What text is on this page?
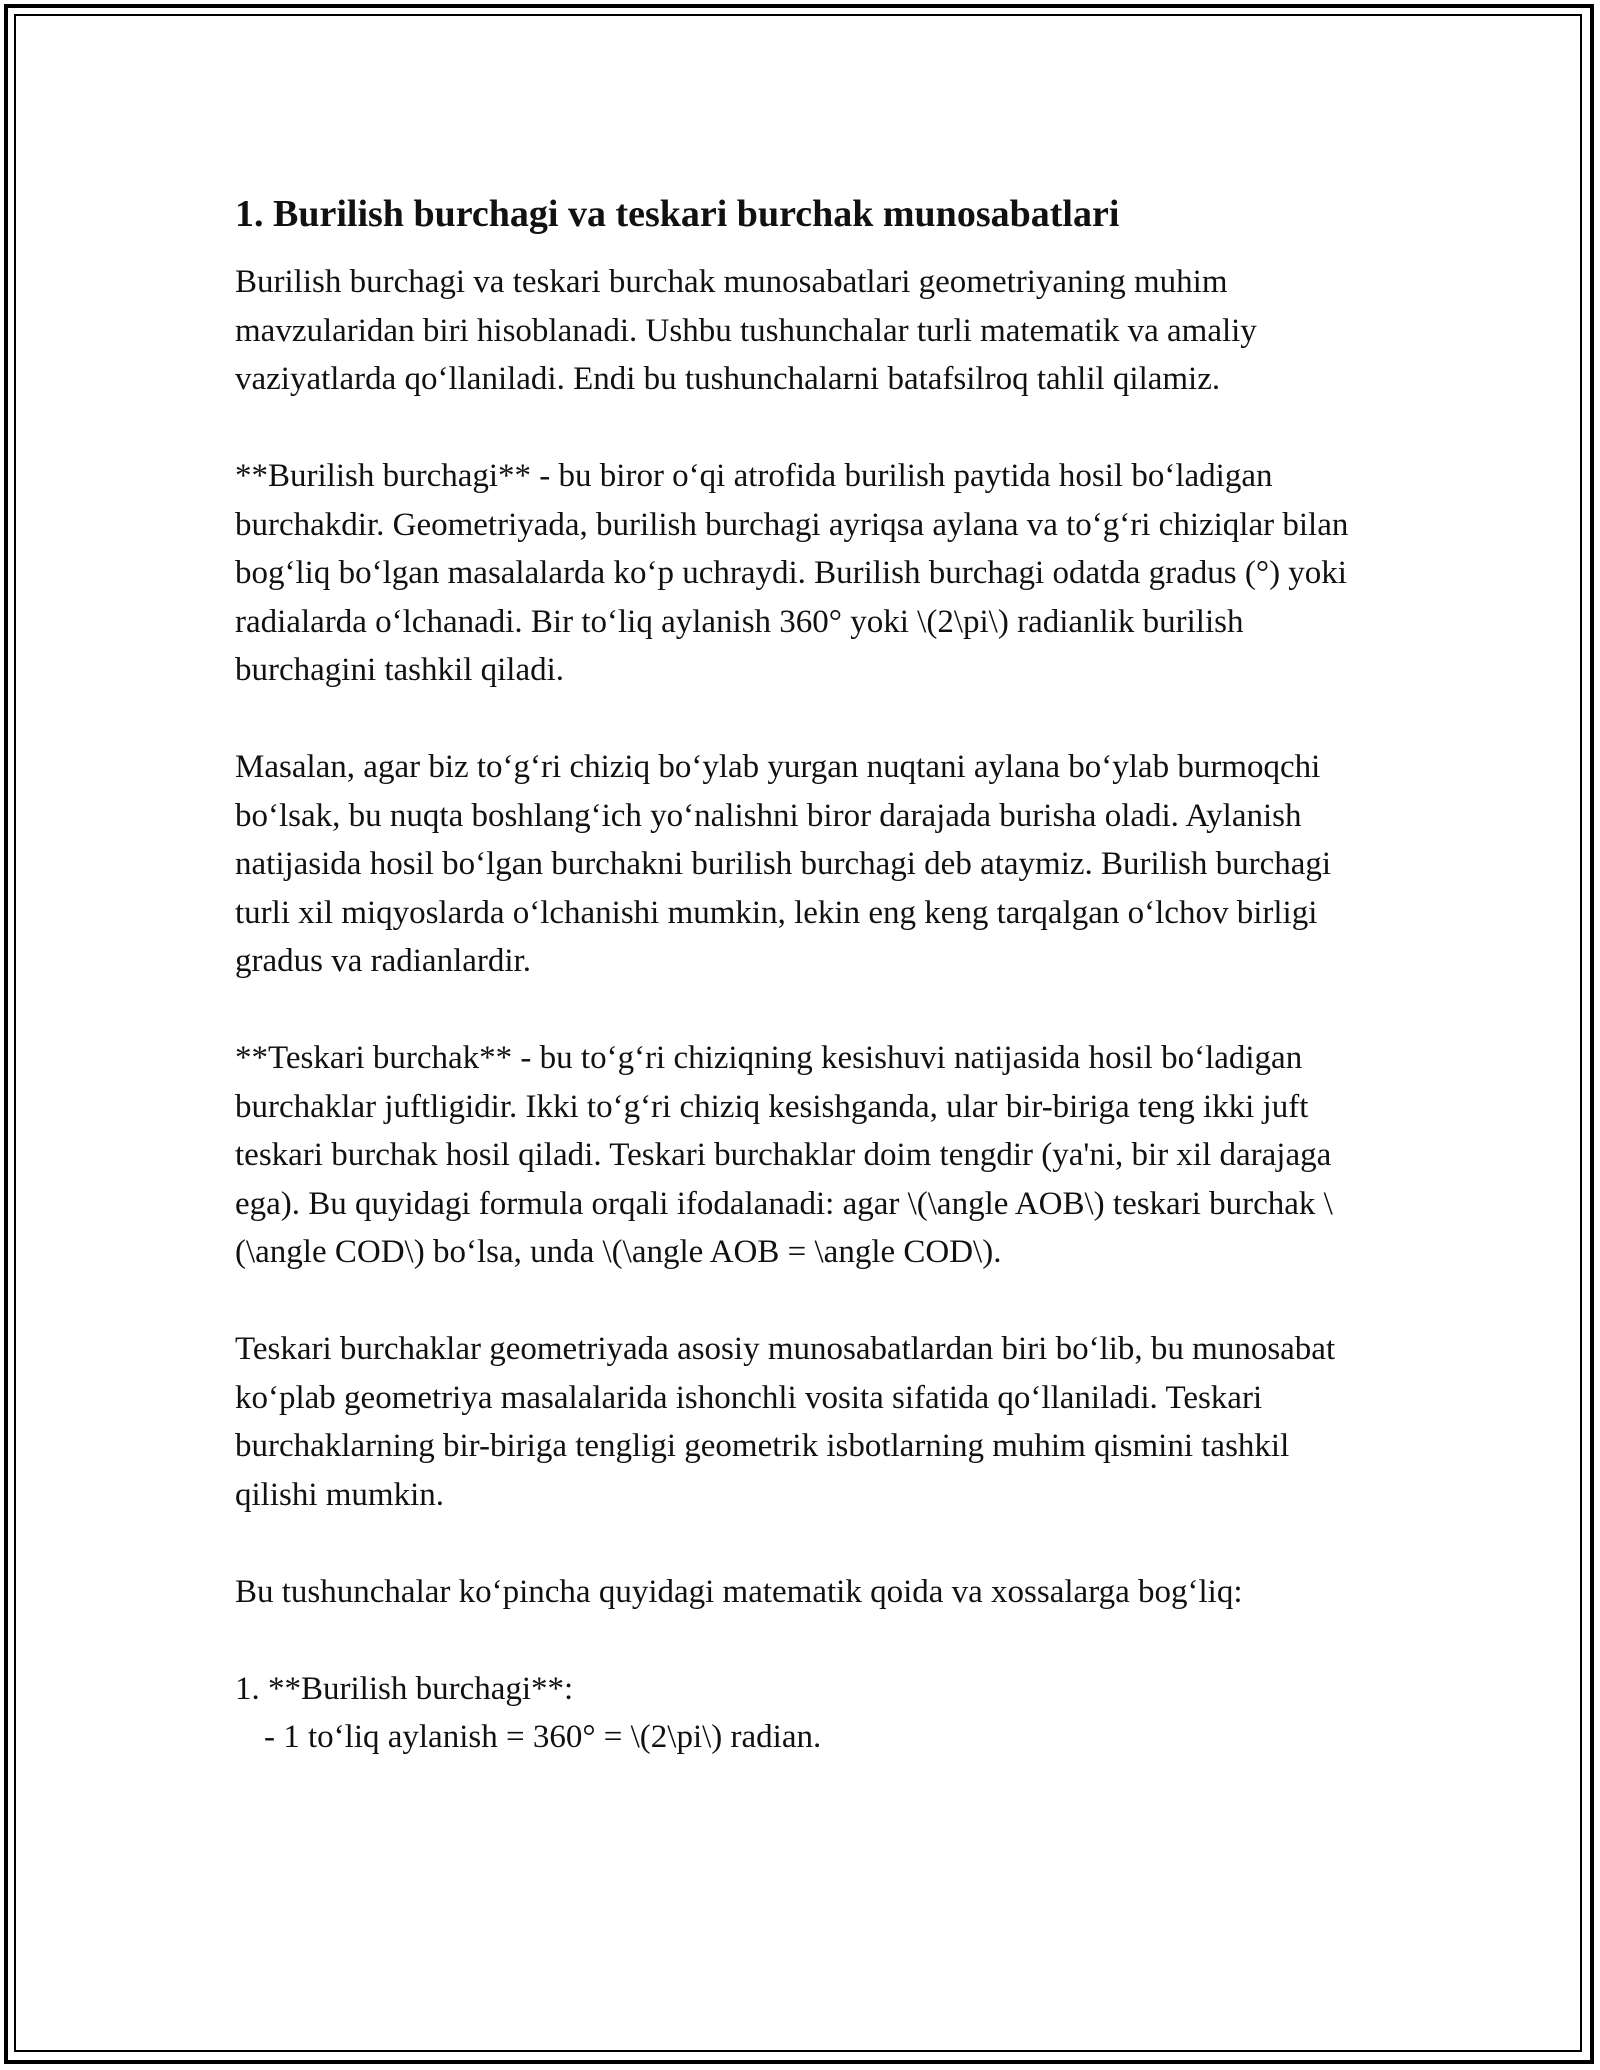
1. Burilish burchagi va teskari burchak munosabatlari

Burilish burchagi va teskari burchak munosabatlari geometriyaning muhim mavzularidan biri hisoblanadi. Ushbu tushunchalar turli matematik va amaliy vaziyatlarda qo‘llaniladi. Endi bu tushunchalarni batafsilroq tahlil qilamiz.

**Burilish burchagi** - bu biror o‘qi atrofida burilish paytida hosil bo‘ladigan burchakdir. Geometriyada, burilish burchagi ayriqsa aylana va to‘g‘ri chiziqlar bilan bog‘liq bo‘lgan masalalarda ko‘p uchraydi. Burilish burchagi odatda gradus (°) yoki radialarda o‘lchanadi. Bir to‘liq aylanish 360° yoki \(2\pi\) radianlik burilish burchagini tashkil qiladi.

Masalan, agar biz to‘g‘ri chiziq bo‘ylab yurgan nuqtani aylana bo‘ylab burmoqchi bo‘lsak, bu nuqta boshlang‘ich yo‘nalishni biror darajada burisha oladi. Aylanish natijasida hosil bo‘lgan burchakni burilish burchagi deb ataymiz. Burilish burchagi turli xil miqyoslarda o‘lchanishi mumkin, lekin eng keng tarqalgan o‘lchov birligi gradus va radianlardir.

**Teskari burchak** - bu to‘g‘ri chiziqning kesishuvi natijasida hosil bo‘ladigan burchaklar juftligidir. Ikki to‘g‘ri chiziq kesishganda, ular bir-biriga teng ikki juft teskari burchak hosil qiladi. Teskari burchaklar doim tengdir (ya'ni, bir xil darajaga ega). Bu quyidagi formula orqali ifodalanadi: agar \(\angle AOB\) teskari burchak \(\angle COD\) bo‘lsa, unda \(\angle AOB = \angle COD\).

Teskari burchaklar geometriyada asosiy munosabatlardan biri bo‘lib, bu munosabat ko‘plab geometriya masalalarida ishonchli vosita sifatida qo‘llaniladi. Teskari burchaklarning bir-biriga tengligi geometrik isbotlarning muhim qismini tashkil qilishi mumkin.

Bu tushunchalar ko‘pincha quyidagi matematik qoida va xossalarga bog‘liq:

1. **Burilish burchagi**:

- 1 to‘liq aylanish = 360° = \(2\pi\) radian.
